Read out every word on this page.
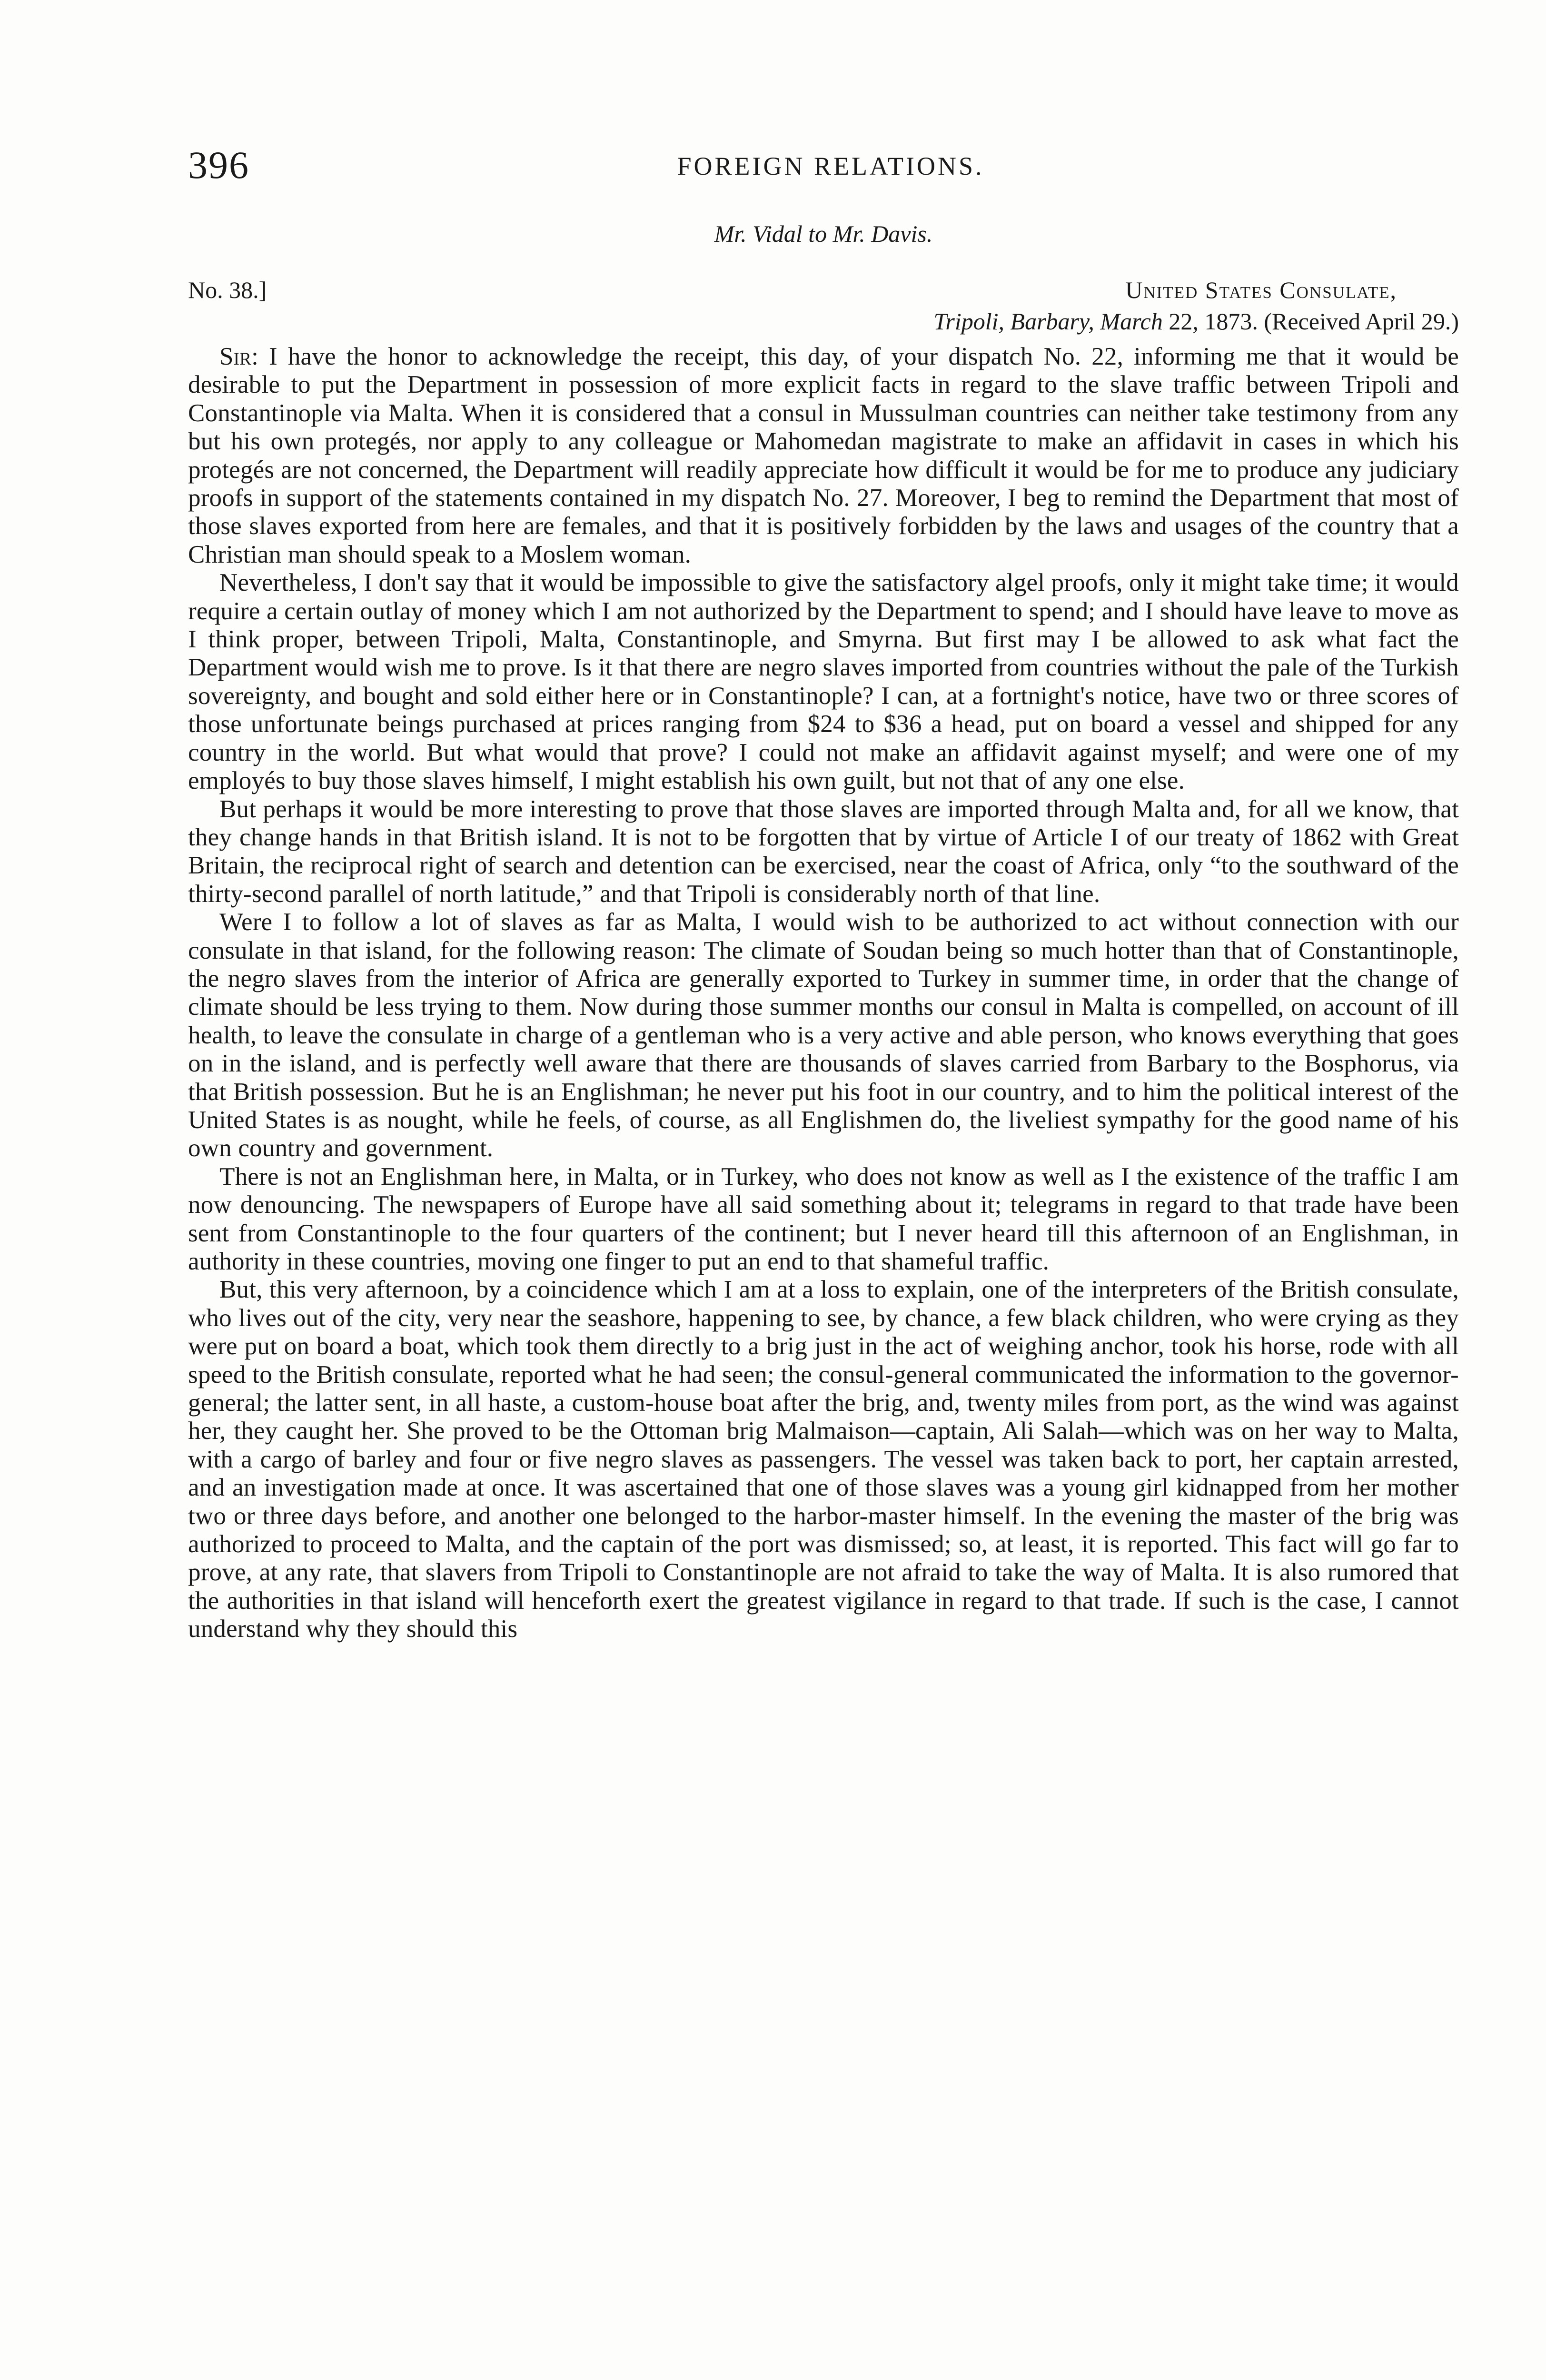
396	FOREIGN RELATIONS.
Mr. Vidal to Mr. Davis.
No. 38.]	United States Consulate,
Tripoli, Barbary, March 22, 1873. (Received April 29.)

Sir: I have the honor to acknowledge the receipt, this day, of your dispatch No. 22, informing me that it would be desirable to put the Department in possession of more explicit facts in regard to the slave traffic between Tripoli and Constantinople via Malta. When it is considered that a consul in Mussulman countries can neither take testimony from any but his own protegés, nor apply to any colleague or Mahomedan magistrate to make an affidavit in cases in which his protegés are not concerned, the Department will readily appreciate how difficult it would be for me to produce any judiciary proofs in support of the statements contained in my dispatch No. 27. Moreover, I beg to remind the Department that most of those slaves exported from here are females, and that it is positively forbidden by the laws and usages of the country that a Christian man should speak to a Moslem woman.

Nevertheless, I don't say that it would be impossible to give the satisfactory algel proofs, only it might take time; it would require a certain outlay of money which I am not authorized by the Department to spend; and I should have leave to move as I think proper, between Tripoli, Malta, Constantinople, and Smyrna. But first may I be allowed to ask what fact the Department would wish me to prove. Is it that there are negro slaves imported from countries without the pale of the Turkish sovereignty, and bought and sold either here or in Constantinople? I can, at a fortnight's notice, have two or three scores of those unfortunate beings purchased at prices ranging from $24 to $36 a head, put on board a vessel and shipped for any country in the world. But what would that prove? I could not make an affidavit against myself; and were one of my employés to buy those slaves himself, I might establish his own guilt, but not that of any one else.

But perhaps it would be more interesting to prove that those slaves are imported through Malta and, for all we know, that they change hands in that British island. It is not to be forgotten that by virtue of Article I of our treaty of 1862 with Great Britain, the reciprocal right of search and detention can be exercised, near the coast of Africa, only “to the southward of the thirty-second parallel of north latitude,” and that Tripoli is considerably north of that line.

Were I to follow a lot of slaves as far as Malta, I would wish to be authorized to act without connection with our consulate in that island, for the following reason: The climate of Soudan being so much hotter than that of Constantinople, the negro slaves from the interior of Africa are generally exported to Turkey in summer time, in order that the change of climate should be less trying to them. Now during those summer months our consul in Malta is compelled, on account of ill health, to leave the consulate in charge of a gentleman who is a very active and able person, who knows everything that goes on in the island, and is perfectly well aware that there are thousands of slaves carried from Barbary to the Bosphorus, via that British possession. But he is an Englishman; he never put his foot in our country, and to him the political interest of the United States is as nought, while he feels, of course, as all Englishmen do, the liveliest sympathy for the good name of his own country and government.

There is not an Englishman here, in Malta, or in Turkey, who does not know as well as I the existence of the traffic I am now denouncing. The newspapers of Europe have all said something about it; telegrams in regard to that trade have been sent from Constantinople to the four quarters of the continent; but I never heard till this afternoon of an Englishman, in authority in these countries, moving one finger to put an end to that shameful traffic.

But, this very afternoon, by a coincidence which I am at a loss to explain, one of the interpreters of the British consulate, who lives out of the city, very near the seashore, happening to see, by chance, a few black children, who were crying as they were put on board a boat, which took them directly to a brig just in the act of weighing anchor, took his horse, rode with all speed to the British consulate, reported what he had seen; the consul-general communicated the information to the governor-general; the latter sent, in all haste, a custom-house boat after the brig, and, twenty miles from port, as the wind was against her, they caught her. She proved to be the Ottoman brig Malmaison—captain, Ali Salah—which was on her way to Malta, with a cargo of barley and four or five negro slaves as passengers. The vessel was taken back to port, her captain arrested, and an investigation made at once. It was ascertained that one of those slaves was a young girl kidnapped from her mother two or three days before, and another one belonged to the harbor-master himself. In the evening the master of the brig was authorized to proceed to Malta, and the captain of the port was dismissed; so, at least, it is reported. This fact will go far to prove, at any rate, that slavers from Tripoli to Constantinople are not afraid to take the way of Malta. It is also rumored that the authorities in that island will henceforth exert the greatest vigilance in regard to that trade. If such is the case, I cannot understand why they should this
